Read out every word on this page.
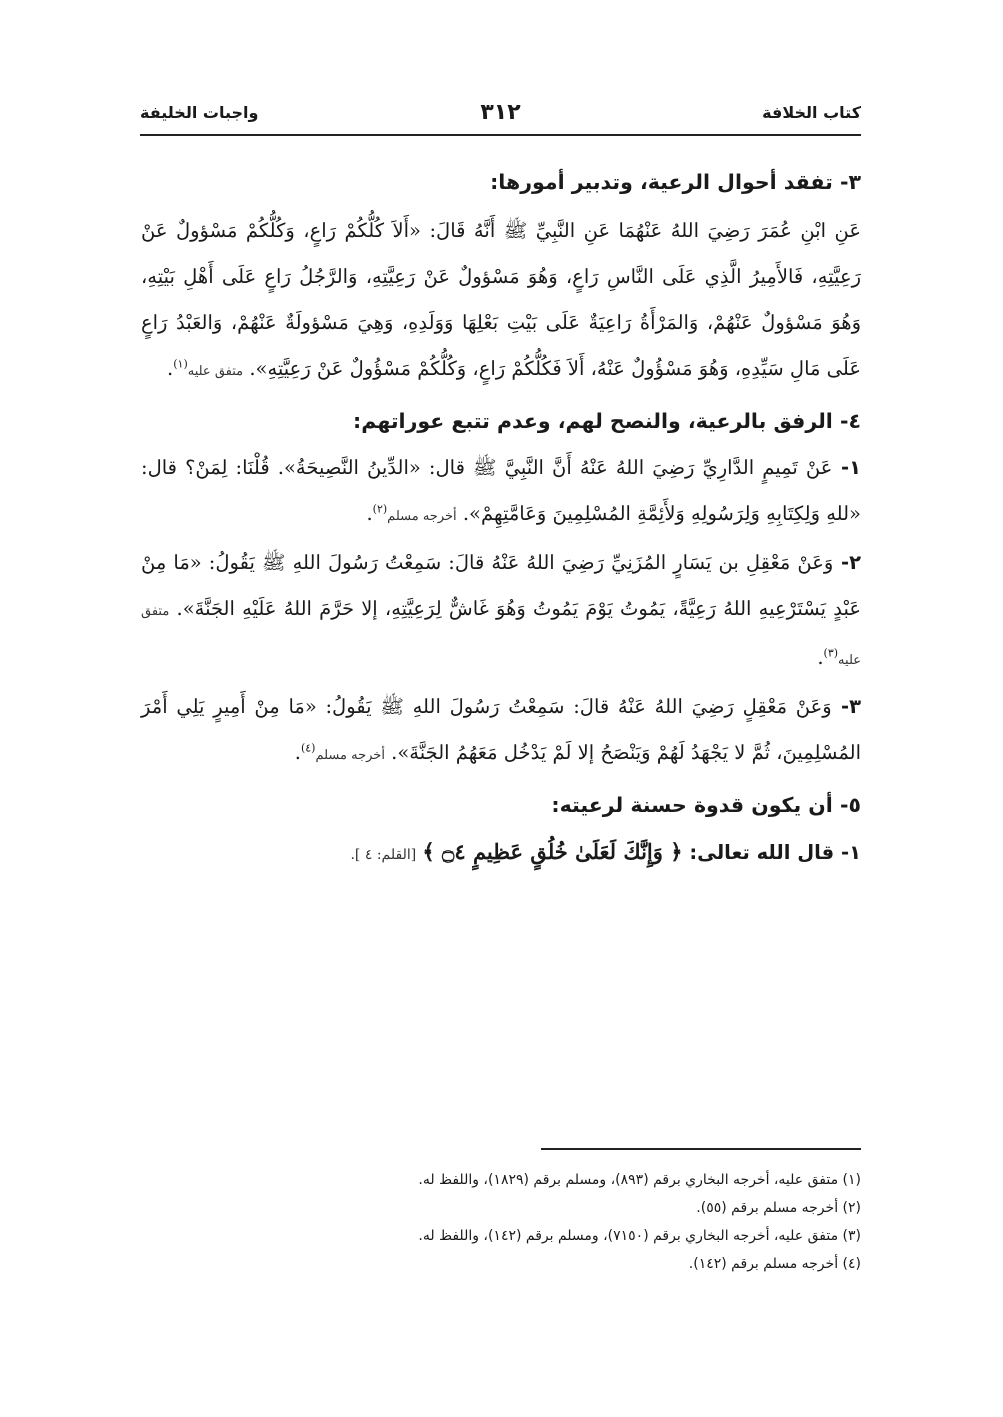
كتاب الخلافة
٣١٢
واجبات الخليفة
٣- تفقد أحوال الرعية، وتدبير أمورها:

عَنِ ابْنِ عُمَرَ رَضِيَ اللهُ عَنْهُمَا عَنِ النَّبِيِّ ﷺ أَنَّهُ قَالَ: «أَلاَ كُلُّكُمْ رَاعٍ، وَكُلُّكُمْ مَسْؤولٌ عَنْ رَعِيَّتِهِ، فَالأَمِيرُ الَّذِي عَلَى النَّاسِ رَاعٍ، وَهُوَ مَسْؤولٌ عَنْ رَعِيَّتِهِ، وَالرَّجُلُ رَاعٍ عَلَى أَهْلِ بَيْتِهِ، وَهُوَ مَسْؤولٌ عَنْهُمْ، وَالمَرْأَةُ رَاعِيَةٌ عَلَى بَيْتِ بَعْلِهَا وَوَلَدِهِ، وَهِيَ مَسْؤولَةٌ عَنْهُمْ، وَالعَبْدُ رَاعٍ عَلَى مَالِ سَيِّدِهِ، وَهُوَ مَسْؤُولٌ عَنْهُ، أَلاَ فَكُلُّكُمْ رَاعٍ، وَكُلُّكُمْ مَسْؤُولٌ عَنْ رَعِيَّتِهِ». متفق عليه$^{(١)}$.

٤- الرفق بالرعية، والنصح لهم، وعدم تتبع عوراتهم:

١- عَنْ تَمِيمٍ الدَّارِيِّ رَضِيَ اللهُ عَنْهُ أَنَّ النَّبِيَّ ﷺ قال: «الدِّينُ النَّصِيحَةُ». قُلْنَا: لِمَنْ؟ قال: «للهِ وَلِكِتَابِهِ وَلِرَسُولِهِ وَلأَئِمَّةِ المُسْلِمِينَ وَعَامَّتِهِمْ». أخرجه مسلم$^{(٢)}$.

٢- وَعَنْ مَعْقِلِ بن يَسَارٍ المُزَنِيِّ رَضِيَ اللهُ عَنْهُ قالَ: سَمِعْتُ رَسُولَ اللهِ ﷺ يَقُولُ: «مَا مِنْ عَبْدٍ يَسْتَرْعِيهِ اللهُ رَعِيَّةً، يَمُوتُ يَوْمَ يَمُوتُ وَهُوَ غَاشٌّ لِرَعِيَّتِهِ، إلا حَرَّمَ اللهُ عَلَيْهِ الجَنَّةَ». متفق عليه$^{(٣)}$.

٣- وَعَنْ مَعْقِلٍ رَضِيَ اللهُ عَنْهُ قالَ: سَمِعْتُ رَسُولَ اللهِ ﷺ يَقُولُ: «مَا مِنْ أَمِيرٍ يَلِي أَمْرَ المُسْلِمِينَ، ثُمَّ لا يَجْهَدُ لَهُمْ وَيَنْصَحُ إلا لَمْ يَدْخُل مَعَهُمُ الجَنَّةَ». أخرجه مسلم$^{(٤)}$.

٥- أن يكون قدوة حسنة لرعيته:

١- قال الله تعالى: ﴿ وَإِنَّكَ لَعَلَىٰ خُلُقٍ عَظِيمٍ ۝٤ ﴾ [القلم: ٤ ].

(١) متفق عليه، أخرجه البخاري برقم (٨٩٣)، ومسلم برقم (١٨٢٩)، واللفظ له.

(٢) أخرجه مسلم برقم (٥٥).

(٣) متفق عليه، أخرجه البخاري برقم (٧١٥٠)، ومسلم برقم (١٤٢)، واللفظ له.

(٤) أخرجه مسلم برقم (١٤٢).
